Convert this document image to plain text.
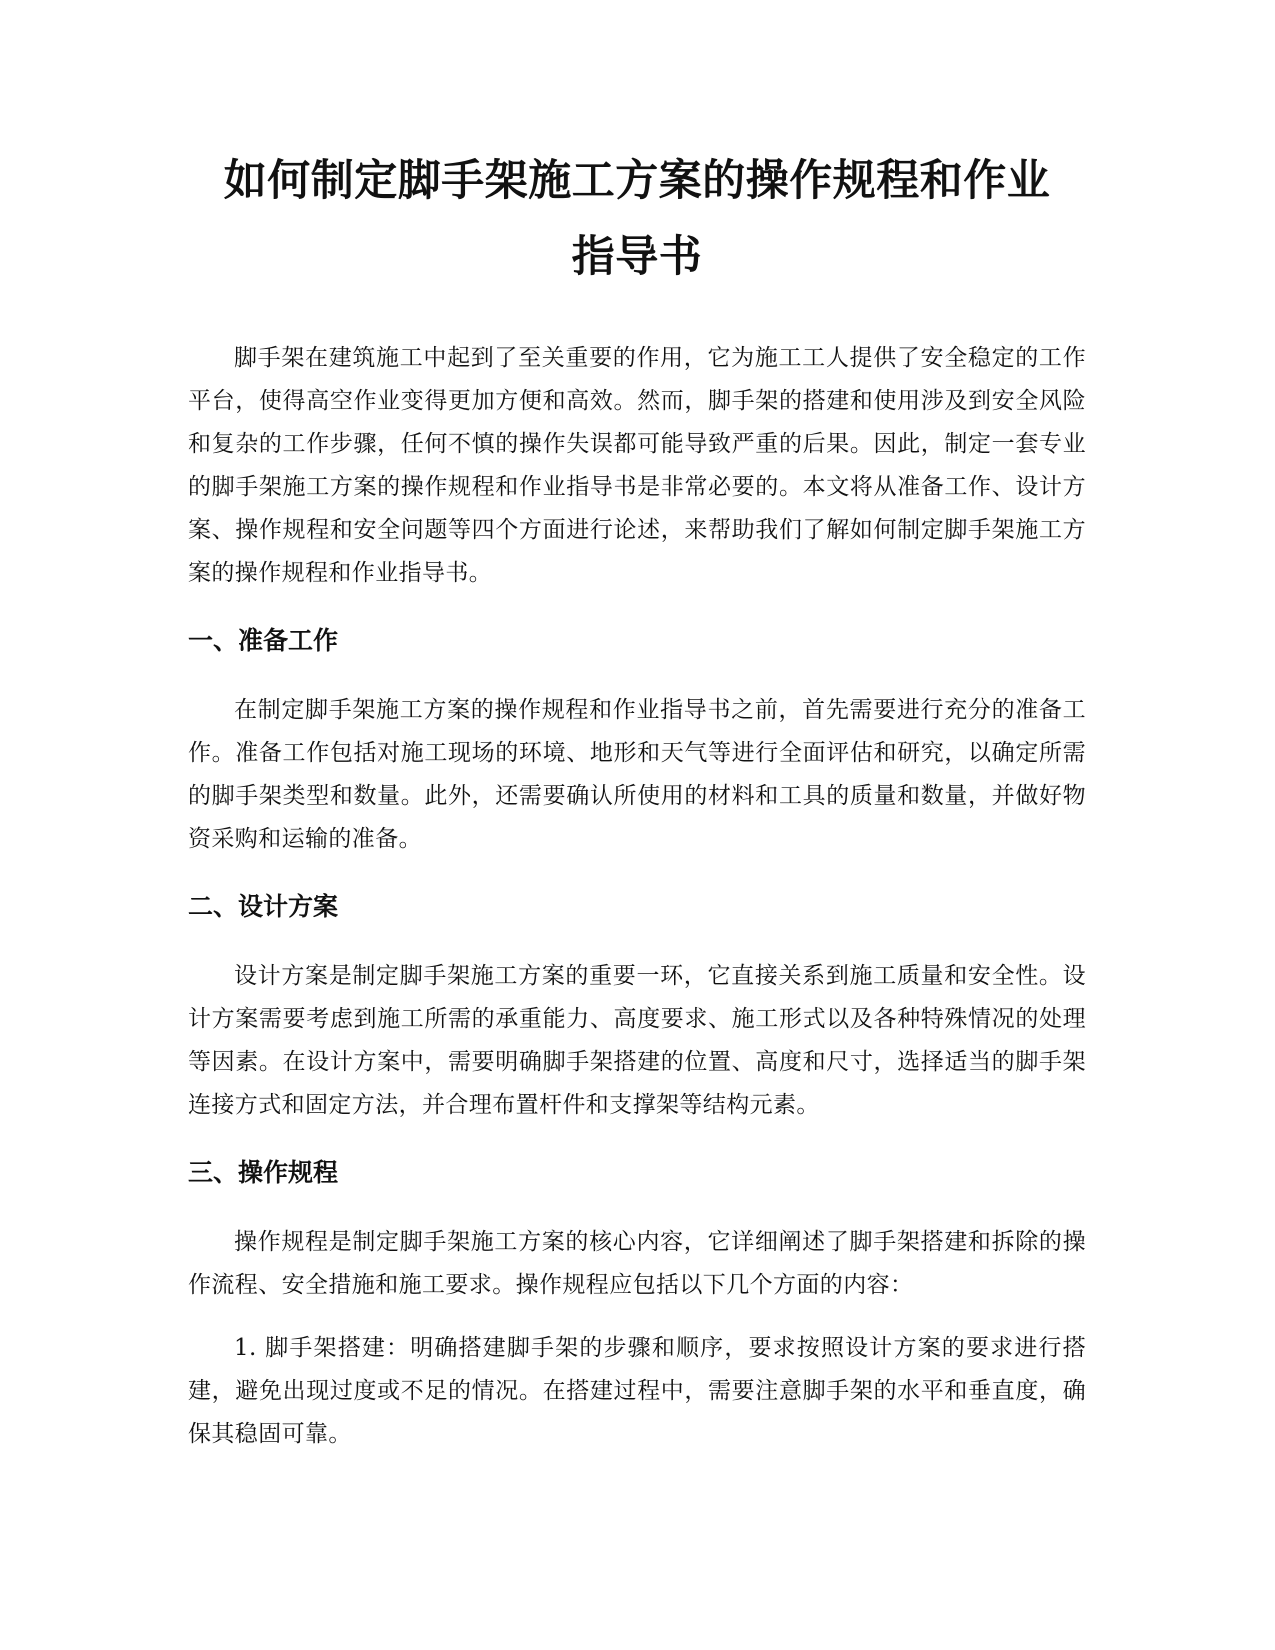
如何制定脚手架施工方案的操作规程和作业
指导书

脚手架在建筑施工中起到了至关重要的作用，它为施工工人提供了安全稳定的工作平台，使得高空作业变得更加方便和高效。然而，脚手架的搭建和使用涉及到安全风险和复杂的工作步骤，任何不慎的操作失误都可能导致严重的后果。因此，制定一套专业的脚手架施工方案的操作规程和作业指导书是非常必要的。本文将从准备工作、设计方案、操作规程和安全问题等四个方面进行论述，来帮助我们了解如何制定脚手架施工方案的操作规程和作业指导书。

一、准备工作

在制定脚手架施工方案的操作规程和作业指导书之前，首先需要进行充分的准备工作。准备工作包括对施工现场的环境、地形和天气等进行全面评估和研究，以确定所需的脚手架类型和数量。此外，还需要确认所使用的材料和工具的质量和数量，并做好物资采购和运输的准备。

二、设计方案

设计方案是制定脚手架施工方案的重要一环，它直接关系到施工质量和安全性。设计方案需要考虑到施工所需的承重能力、高度要求、施工形式以及各种特殊情况的处理等因素。在设计方案中，需要明确脚手架搭建的位置、高度和尺寸，选择适当的脚手架连接方式和固定方法，并合理布置杆件和支撑架等结构元素。

三、操作规程

操作规程是制定脚手架施工方案的核心内容，它详细阐述了脚手架搭建和拆除的操作流程、安全措施和施工要求。操作规程应包括以下几个方面的内容：

1. 脚手架搭建：明确搭建脚手架的步骤和顺序，要求按照设计方案的要求进行搭建，避免出现过度或不足的情况。在搭建过程中，需要注意脚手架的水平和垂直度，确保其稳固可靠。
